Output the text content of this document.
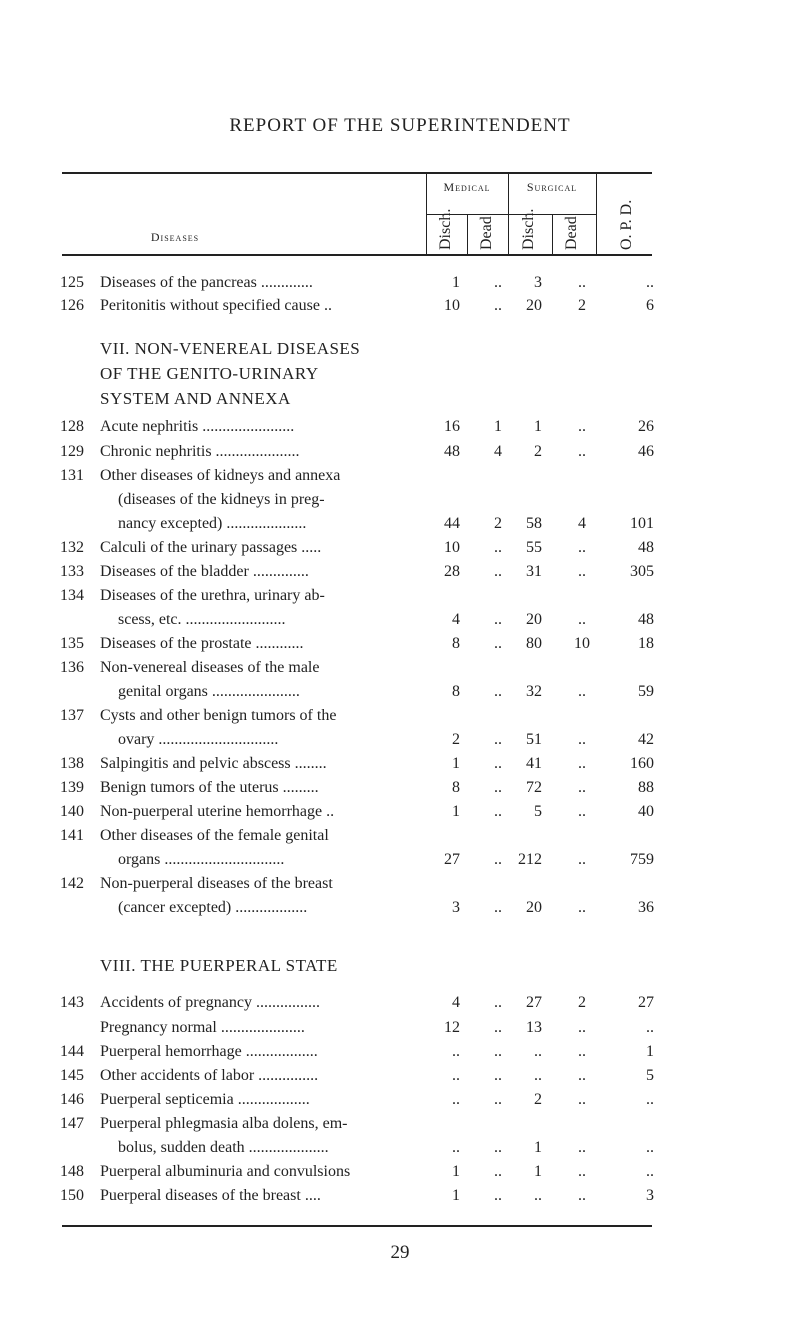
REPORT OF THE SUPERINTENDENT
Diseases
Medical	Surgical
Disch. Dead Disch. Dead O. P. D.
125 Diseases of the pancreas .............	1	..	3	..	..
126 Peritonitis without specified cause ..	10	..	20	2	6
VII. NON-VENEREAL DISEASES
OF THE GENITO-URINARY
SYSTEM AND ANNEXA
128 Acute nephritis .......................	16	1	1	..	26
129 Chronic nephritis .....................	48	4	2	..	46
131 Other diseases of kidneys and annexa
(diseases of the kidneys in preg-
nancy excepted) ....................	44	2	58	4	101
132 Calculi of the urinary passages .....	10	..	55	..	48
133 Diseases of the bladder ..............	28	..	31	..	305
134 Diseases of the urethra, urinary ab-
scess, etc. .........................	4	..	20	..	48
135 Diseases of the prostate ............	8	..	80	10	18
136 Non-venereal diseases of the male
genital organs ......................	8	..	32	..	59
137 Cysts and other benign tumors of the
ovary ..............................	2	..	51	..	42
138 Salpingitis and pelvic abscess ........	1	..	41	..	160
139 Benign tumors of the uterus .........	8	..	72	..	88
140 Non-puerperal uterine hemorrhage ..	1	..	5	..	40
141 Other diseases of the female genital
organs ..............................	27	..	212	..	759
142 Non-puerperal diseases of the breast
(cancer excepted) ..................	3	..	20	..	36
VIII. THE PUERPERAL STATE
143 Accidents of pregnancy ................	4	..	27	2	27
Pregnancy normal .....................	12	..	13	..	..
144 Puerperal hemorrhage ..................	..	..	..	..	1
145 Other accidents of labor ...............	..	..	..	..	5
146 Puerperal septicemia ..................	..	..	2	..	..
147 Puerperal phlegmasia alba dolens, em-
bolus, sudden death ....................	..	..	1	..	..
148 Puerperal albuminuria and convulsions	1	..	1	..	..
150 Puerperal diseases of the breast ....	1	..	..	..	3
29
